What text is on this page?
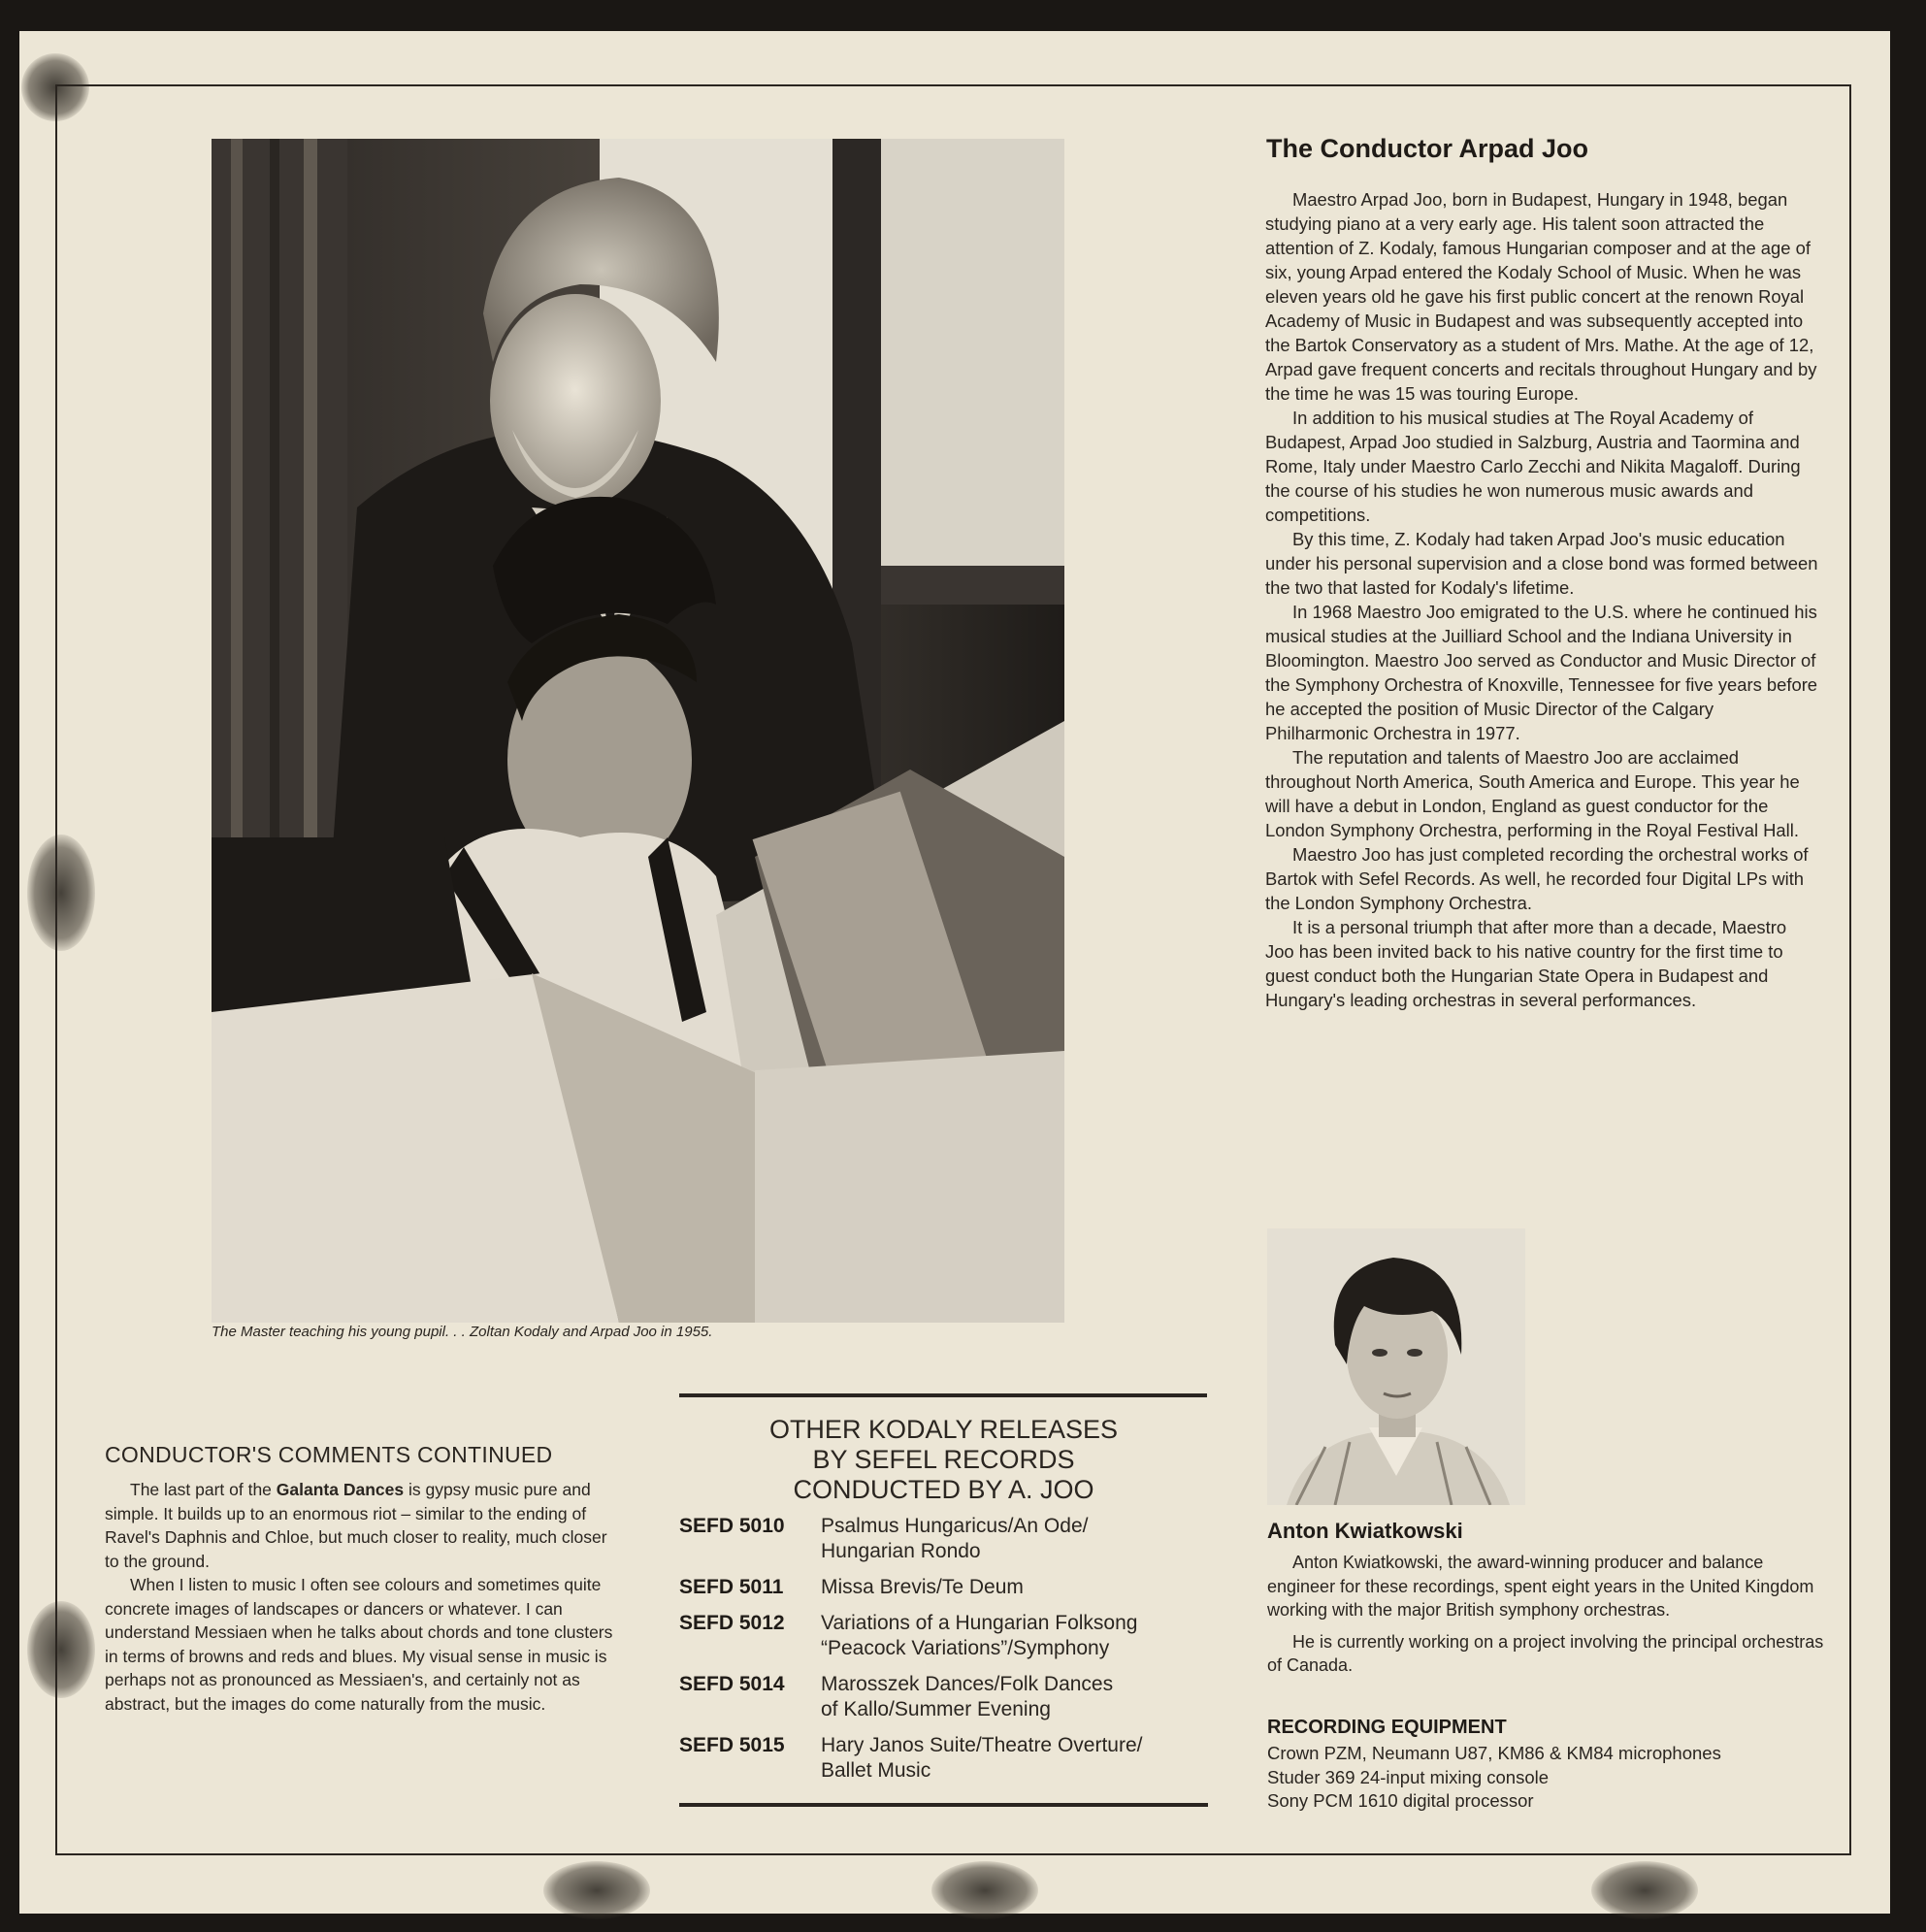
The Master teaching his young pupil. . . Zoltan Kodaly and Arpad Joo in 1955.
The Conductor Arpad Joo

Maestro Arpad Joo, born in Budapest, Hungary in 1948, began studying piano at a very early age. His talent soon attracted the attention of Z. Kodaly, famous Hungarian composer and at the age of six, young Arpad entered the Kodaly School of Music. When he was eleven years old he gave his first public concert at the renown Royal Academy of Music in Budapest and was subsequently accepted into the Bartok Conservatory as a student of Mrs. Mathe. At the age of 12, Arpad gave frequent concerts and recitals throughout Hungary and by the time he was 15 was touring Europe.

In addition to his musical studies at The Royal Academy of Budapest, Arpad Joo studied in Salzburg, Austria and Taormina and Rome, Italy under Maestro Carlo Zecchi and Nikita Magaloff. During the course of his studies he won numerous music awards and competitions.

By this time, Z. Kodaly had taken Arpad Joo's music education under his personal supervision and a close bond was formed between the two that lasted for Kodaly's lifetime.

In 1968 Maestro Joo emigrated to the U.S. where he continued his musical studies at the Juilliard School and the Indiana University in Bloomington. Maestro Joo served as Conductor and Music Director of the Symphony Orchestra of Knoxville, Tennessee for five years before he accepted the position of Music Director of the Calgary Philharmonic Orchestra in 1977.

The reputation and talents of Maestro Joo are acclaimed throughout North America, South America and Europe. This year he will have a debut in London, England as guest conductor for the London Symphony Orchestra, performing in the Royal Festival Hall.

Maestro Joo has just completed recording the orchestral works of Bartok with Sefel Records. As well, he recorded four Digital LPs with the London Symphony Orchestra.

It is a personal triumph that after more than a decade, Maestro Joo has been invited back to his native country for the first time to guest conduct both the Hungarian State Opera in Budapest and Hungary's leading orchestras in several performances.

CONDUCTOR'S COMMENTS CONTINUED

The last part of the Galanta Dances is gypsy music pure and simple. It builds up to an enormous riot – similar to the ending of Ravel's Daphnis and Chloe, but much closer to reality, much closer to the ground.

When I listen to music I often see colours and sometimes quite concrete images of landscapes or dancers or whatever. I can understand Messiaen when he talks about chords and tone clusters in terms of browns and reds and blues. My visual sense in music is perhaps not as pronounced as Messiaen's, and certainly not as abstract, but the images do come naturally from the music.

OTHER KODALY RELEASES
BY SEFEL RECORDS
CONDUCTED BY A. JOO
SEFD 5010	Psalmus Hungaricus/An Ode/
Hungarian Rondo
SEFD 5011	Missa Brevis/Te Deum
SEFD 5012	Variations of a Hungarian Folksong
“Peacock Variations”/Symphony
SEFD 5014	Marosszek Dances/Folk Dances
of Kallo/Summer Evening
SEFD 5015	Hary Janos Suite/Theatre Overture/
Ballet Music
Anton Kwiatkowski

Anton Kwiatkowski, the award-winning producer and balance engineer for these recordings, spent eight years in the United Kingdom working with the major British symphony orchestras.

He is currently working on a project involving the principal orchestras of Canada.

RECORDING EQUIPMENT
Crown PZM, Neumann U87, KM86 & KM84 microphones
Studer 369 24-input mixing console
Sony PCM 1610 digital processor
